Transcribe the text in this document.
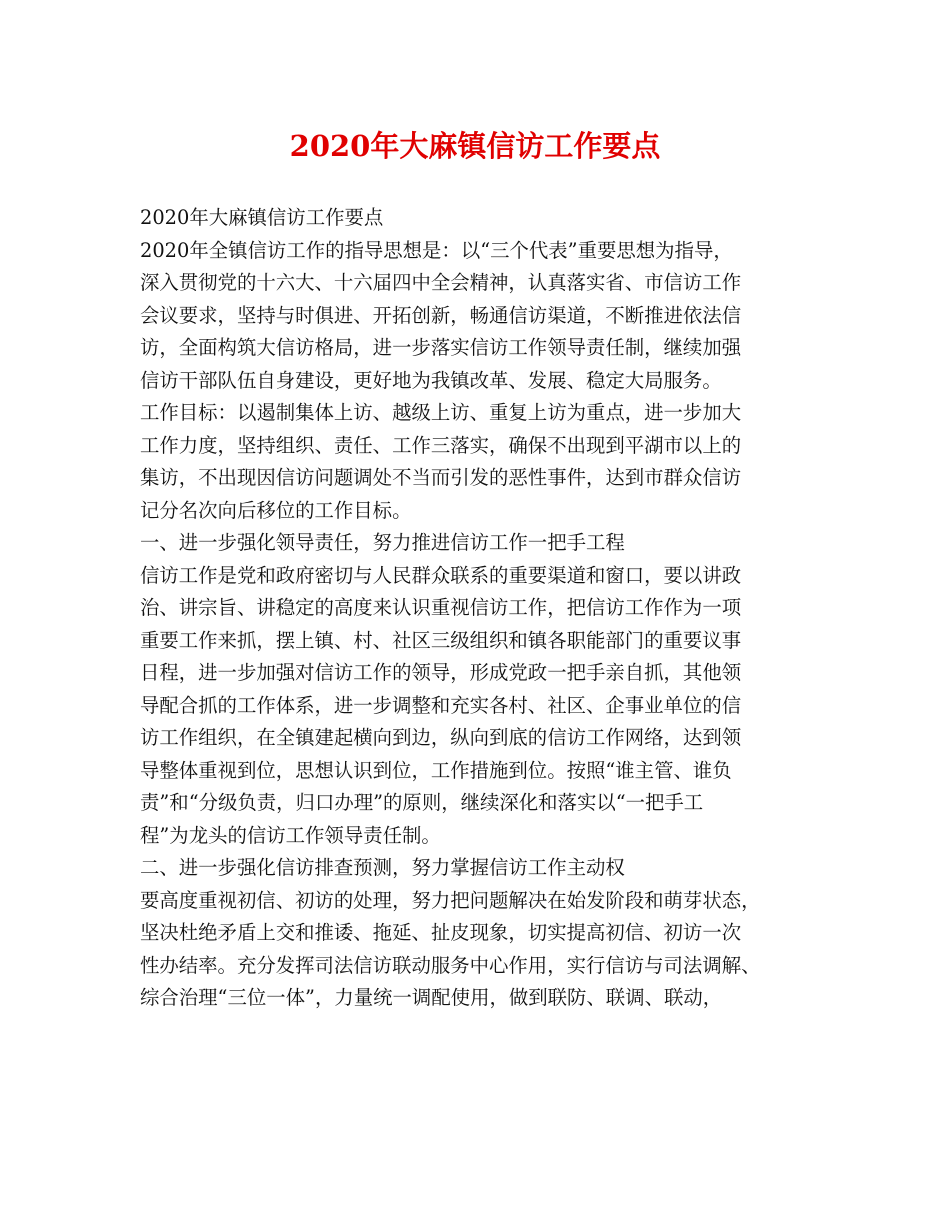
2020年大麻镇信访工作要点
2020年大麻镇信访工作要点
2020年全镇信访工作的指导思想是：以“三个代表”重要思想为指导，
深入贯彻党的十六大、十六届四中全会精神，认真落实省、市信访工作
会议要求，坚持与时俱进、开拓创新，畅通信访渠道，不断推进依法信
访，全面构筑大信访格局，进一步落实信访工作领导责任制，继续加强
信访干部队伍自身建设，更好地为我镇改革、发展、稳定大局服务。
工作目标：以遏制集体上访、越级上访、重复上访为重点，进一步加大
工作力度，坚持组织、责任、工作三落实，确保不出现到平湖市以上的
集访，不出现因信访问题调处不当而引发的恶性事件，达到市群众信访
记分名次向后移位的工作目标。
一、进一步强化领导责任，努力推进信访工作一把手工程
信访工作是党和政府密切与人民群众联系的重要渠道和窗口，要以讲政
治、讲宗旨、讲稳定的高度来认识重视信访工作，把信访工作作为一项
重要工作来抓，摆上镇、村、社区三级组织和镇各职能部门的重要议事
日程，进一步加强对信访工作的领导，形成党政一把手亲自抓，其他领
导配合抓的工作体系，进一步调整和充实各村、社区、企事业单位的信
访工作组织，在全镇建起横向到边，纵向到底的信访工作网络，达到领
导整体重视到位，思想认识到位，工作措施到位。按照“谁主管、谁负
责”和“分级负责，归口办理”的原则，继续深化和落实以“一把手工
程”为龙头的信访工作领导责任制。
二、进一步强化信访排查预测，努力掌握信访工作主动权
要高度重视初信、初访的处理，努力把问题解决在始发阶段和萌芽状态，
坚决杜绝矛盾上交和推诿、拖延、扯皮现象，切实提高初信、初访一次
性办结率。充分发挥司法信访联动服务中心作用，实行信访与司法调解、
综合治理“三位一体”，力量统一调配使用，做到联防、联调、联动，
